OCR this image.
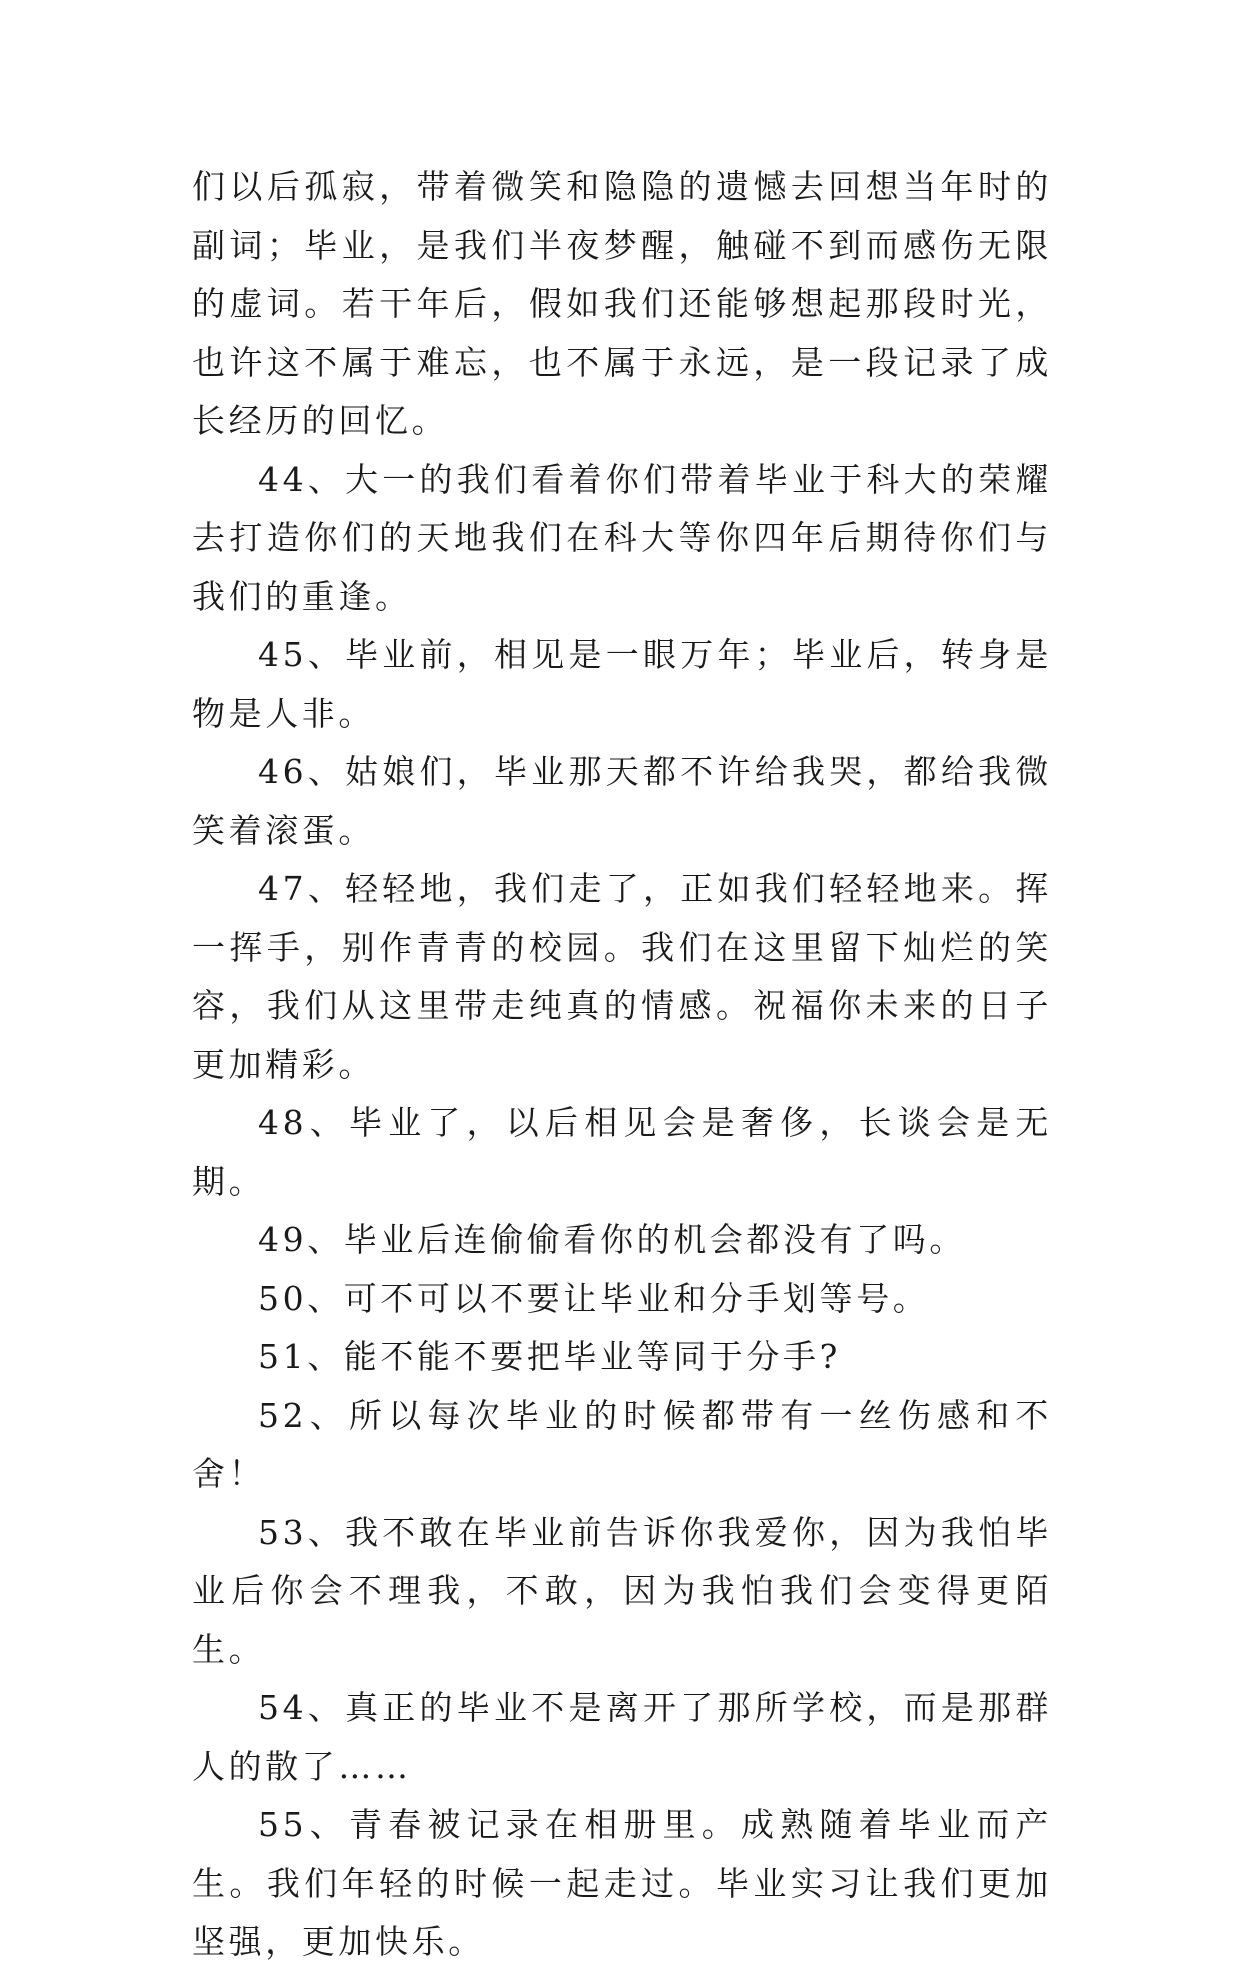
们以后孤寂，带着微笑和隐隐的遗憾去回想当年时的副词；毕业，是我们半夜梦醒，触碰不到而感伤无限的虚词。若干年后，假如我们还能够想起那段时光，也许这不属于难忘，也不属于永远，是一段记录了成长经历的回忆。

44、大一的我们看着你们带着毕业于科大的荣耀去打造你们的天地我们在科大等你四年后期待你们与我们的重逢。

45、毕业前，相见是一眼万年；毕业后，转身是物是人非。

46、姑娘们，毕业那天都不许给我哭，都给我微笑着滚蛋。

47、轻轻地，我们走了，正如我们轻轻地来。挥一挥手，别作青青的校园。我们在这里留下灿烂的笑容，我们从这里带走纯真的情感。祝福你未来的日子更加精彩。

48、毕业了，以后相见会是奢侈，长谈会是无期。

49、毕业后连偷偷看你的机会都没有了吗。

50、可不可以不要让毕业和分手划等号。

51、能不能不要把毕业等同于分手?

52、所以每次毕业的时候都带有一丝伤感和不舍！

53、我不敢在毕业前告诉你我爱你，因为我怕毕业后你会不理我，不敢，因为我怕我们会变得更陌生。

54、真正的毕业不是离开了那所学校，而是那群人的散了……

55、青春被记录在相册里。成熟随着毕业而产生。我们年轻的时候一起走过。毕业实习让我们更加坚强，更加快乐。
